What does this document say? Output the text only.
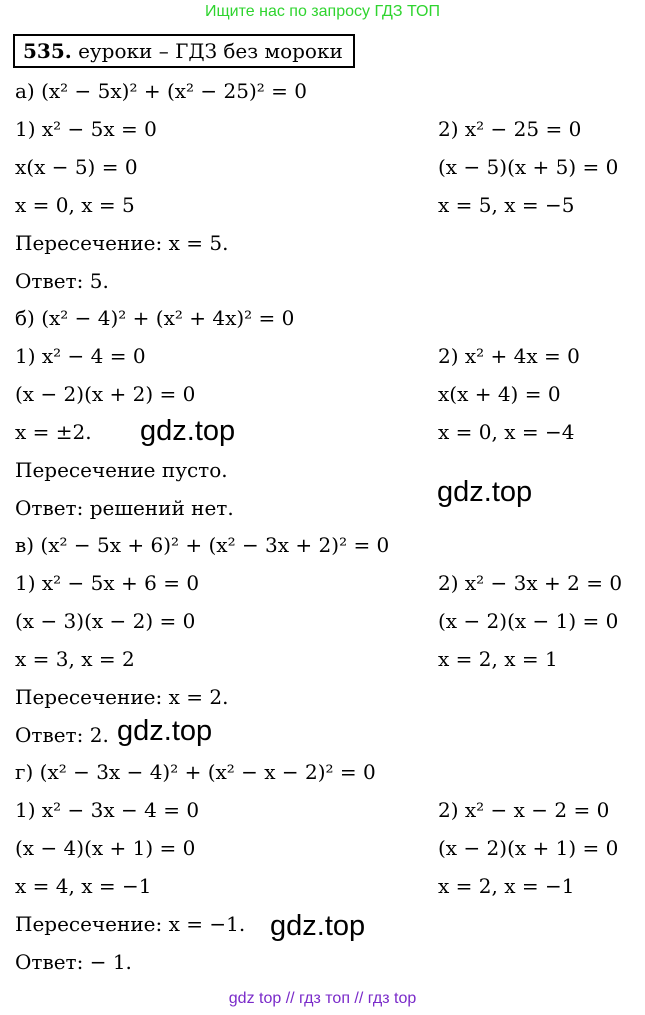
Ищите нас по запросу ГДЗ ТОП
535. еуроки – ГДЗ без мороки
а) (x² − 5x)² + (x² − 25)² = 0
1) x² − 5x = 0
x(x − 5) = 0
x = 0, x = 5
2) x² − 25 = 0
(x − 5)(x + 5) = 0
x = 5, x = −5
Пересечение: x = 5.
Ответ: 5.
б) (x² − 4)² + (x² + 4x)² = 0
1) x² − 4 = 0
(x − 2)(x + 2) = 0
x = ±2.
2) x² + 4x = 0
x(x + 4) = 0
x = 0, x = −4
Пересечение пусто.
Ответ: решений нет.
в) (x² − 5x + 6)² + (x² − 3x + 2)² = 0
1) x² − 5x + 6 = 0
(x − 3)(x − 2) = 0
x = 3, x = 2
2) x² − 3x + 2 = 0
(x − 2)(x − 1) = 0
x = 2, x = 1
Пересечение: x = 2.
Ответ: 2.
г) (x² − 3x − 4)² + (x² − x − 2)² = 0
1) x² − 3x − 4 = 0
(x − 4)(x + 1) = 0
x = 4, x = −1
2) x² − x − 2 = 0
(x − 2)(x + 1) = 0
x = 2, x = −1
Пересечение: x = −1.
Ответ: − 1.
gdz.top
gdz.top
gdz.top
gdz.top
gdz top // гдз топ // гдз top
